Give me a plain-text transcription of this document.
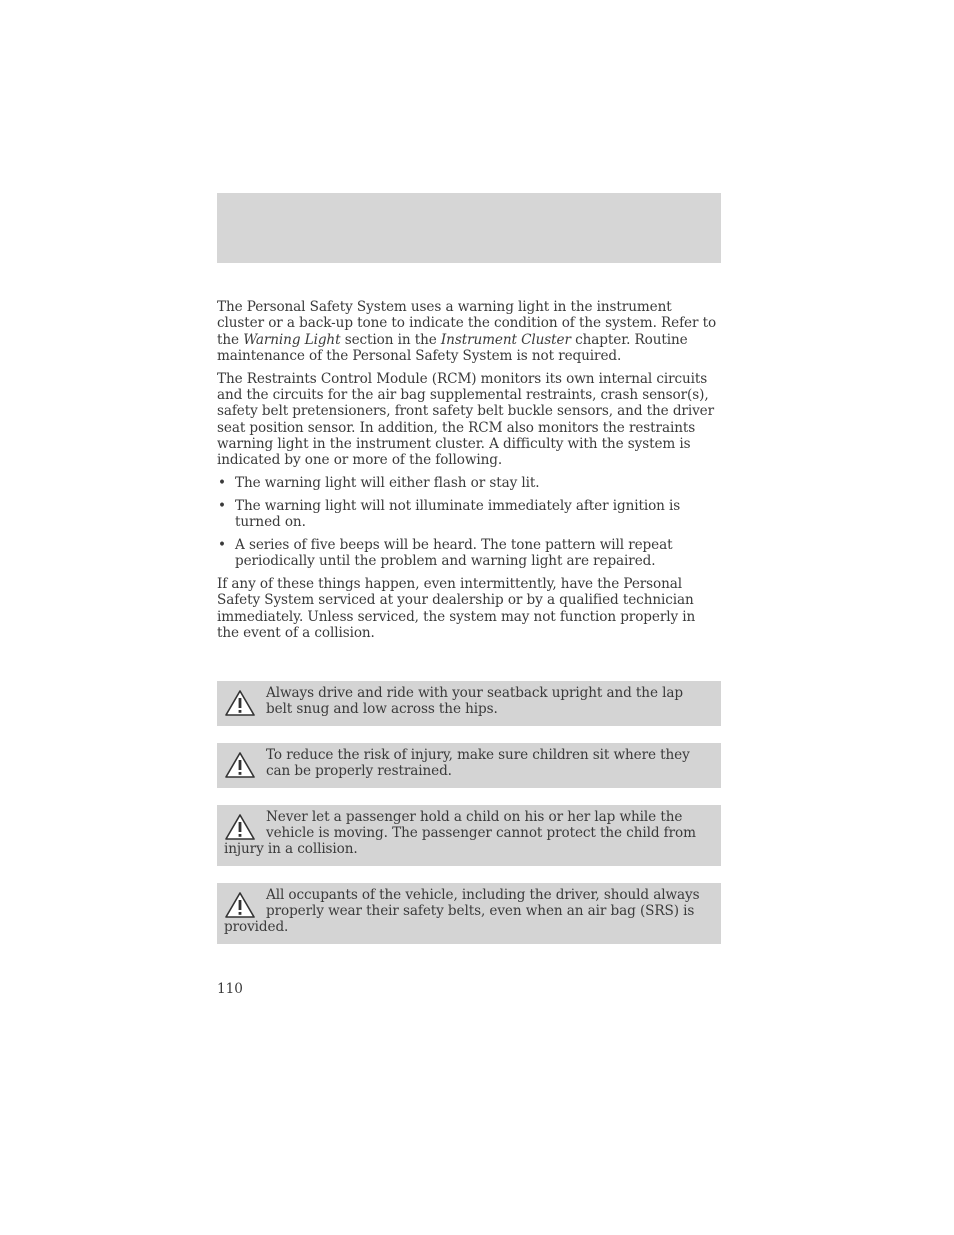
The Personal Safety System uses a warning light in the instrument cluster or a back-up tone to indicate the condition of the system. Refer to the Warning Light section in the Instrument Cluster chapter. Routine maintenance of the Personal Safety System is not required.

The Restraints Control Module (RCM) monitors its own internal circuits and the circuits for the air bag supplemental restraints, crash sensor(s), safety belt pretensioners, front safety belt buckle sensors, and the driver seat position sensor. In addition, the RCM also monitors the restraints warning light in the instrument cluster. A difficulty with the system is indicated by one or more of the following.

• The warning light will either flash or stay lit.
• The warning light will not illuminate immediately after ignition is turned on.
• A series of five beeps will be heard. The tone pattern will repeat periodically until the problem and warning light are repaired.

If any of these things happen, even intermittently, have the Personal Safety System serviced at your dealership or by a qualified technician immediately. Unless serviced, the system may not function properly in the event of a collision.

Always drive and ride with your seatback upright and the lap belt snug and low across the hips.
To reduce the risk of injury, make sure children sit where they can be properly restrained.
Never let a passenger hold a child on his or her lap while the vehicle is moving. The passenger cannot protect the child from injury in a collision.
All occupants of the vehicle, including the driver, should always properly wear their safety belts, even when an air bag (SRS) is provided.
110
